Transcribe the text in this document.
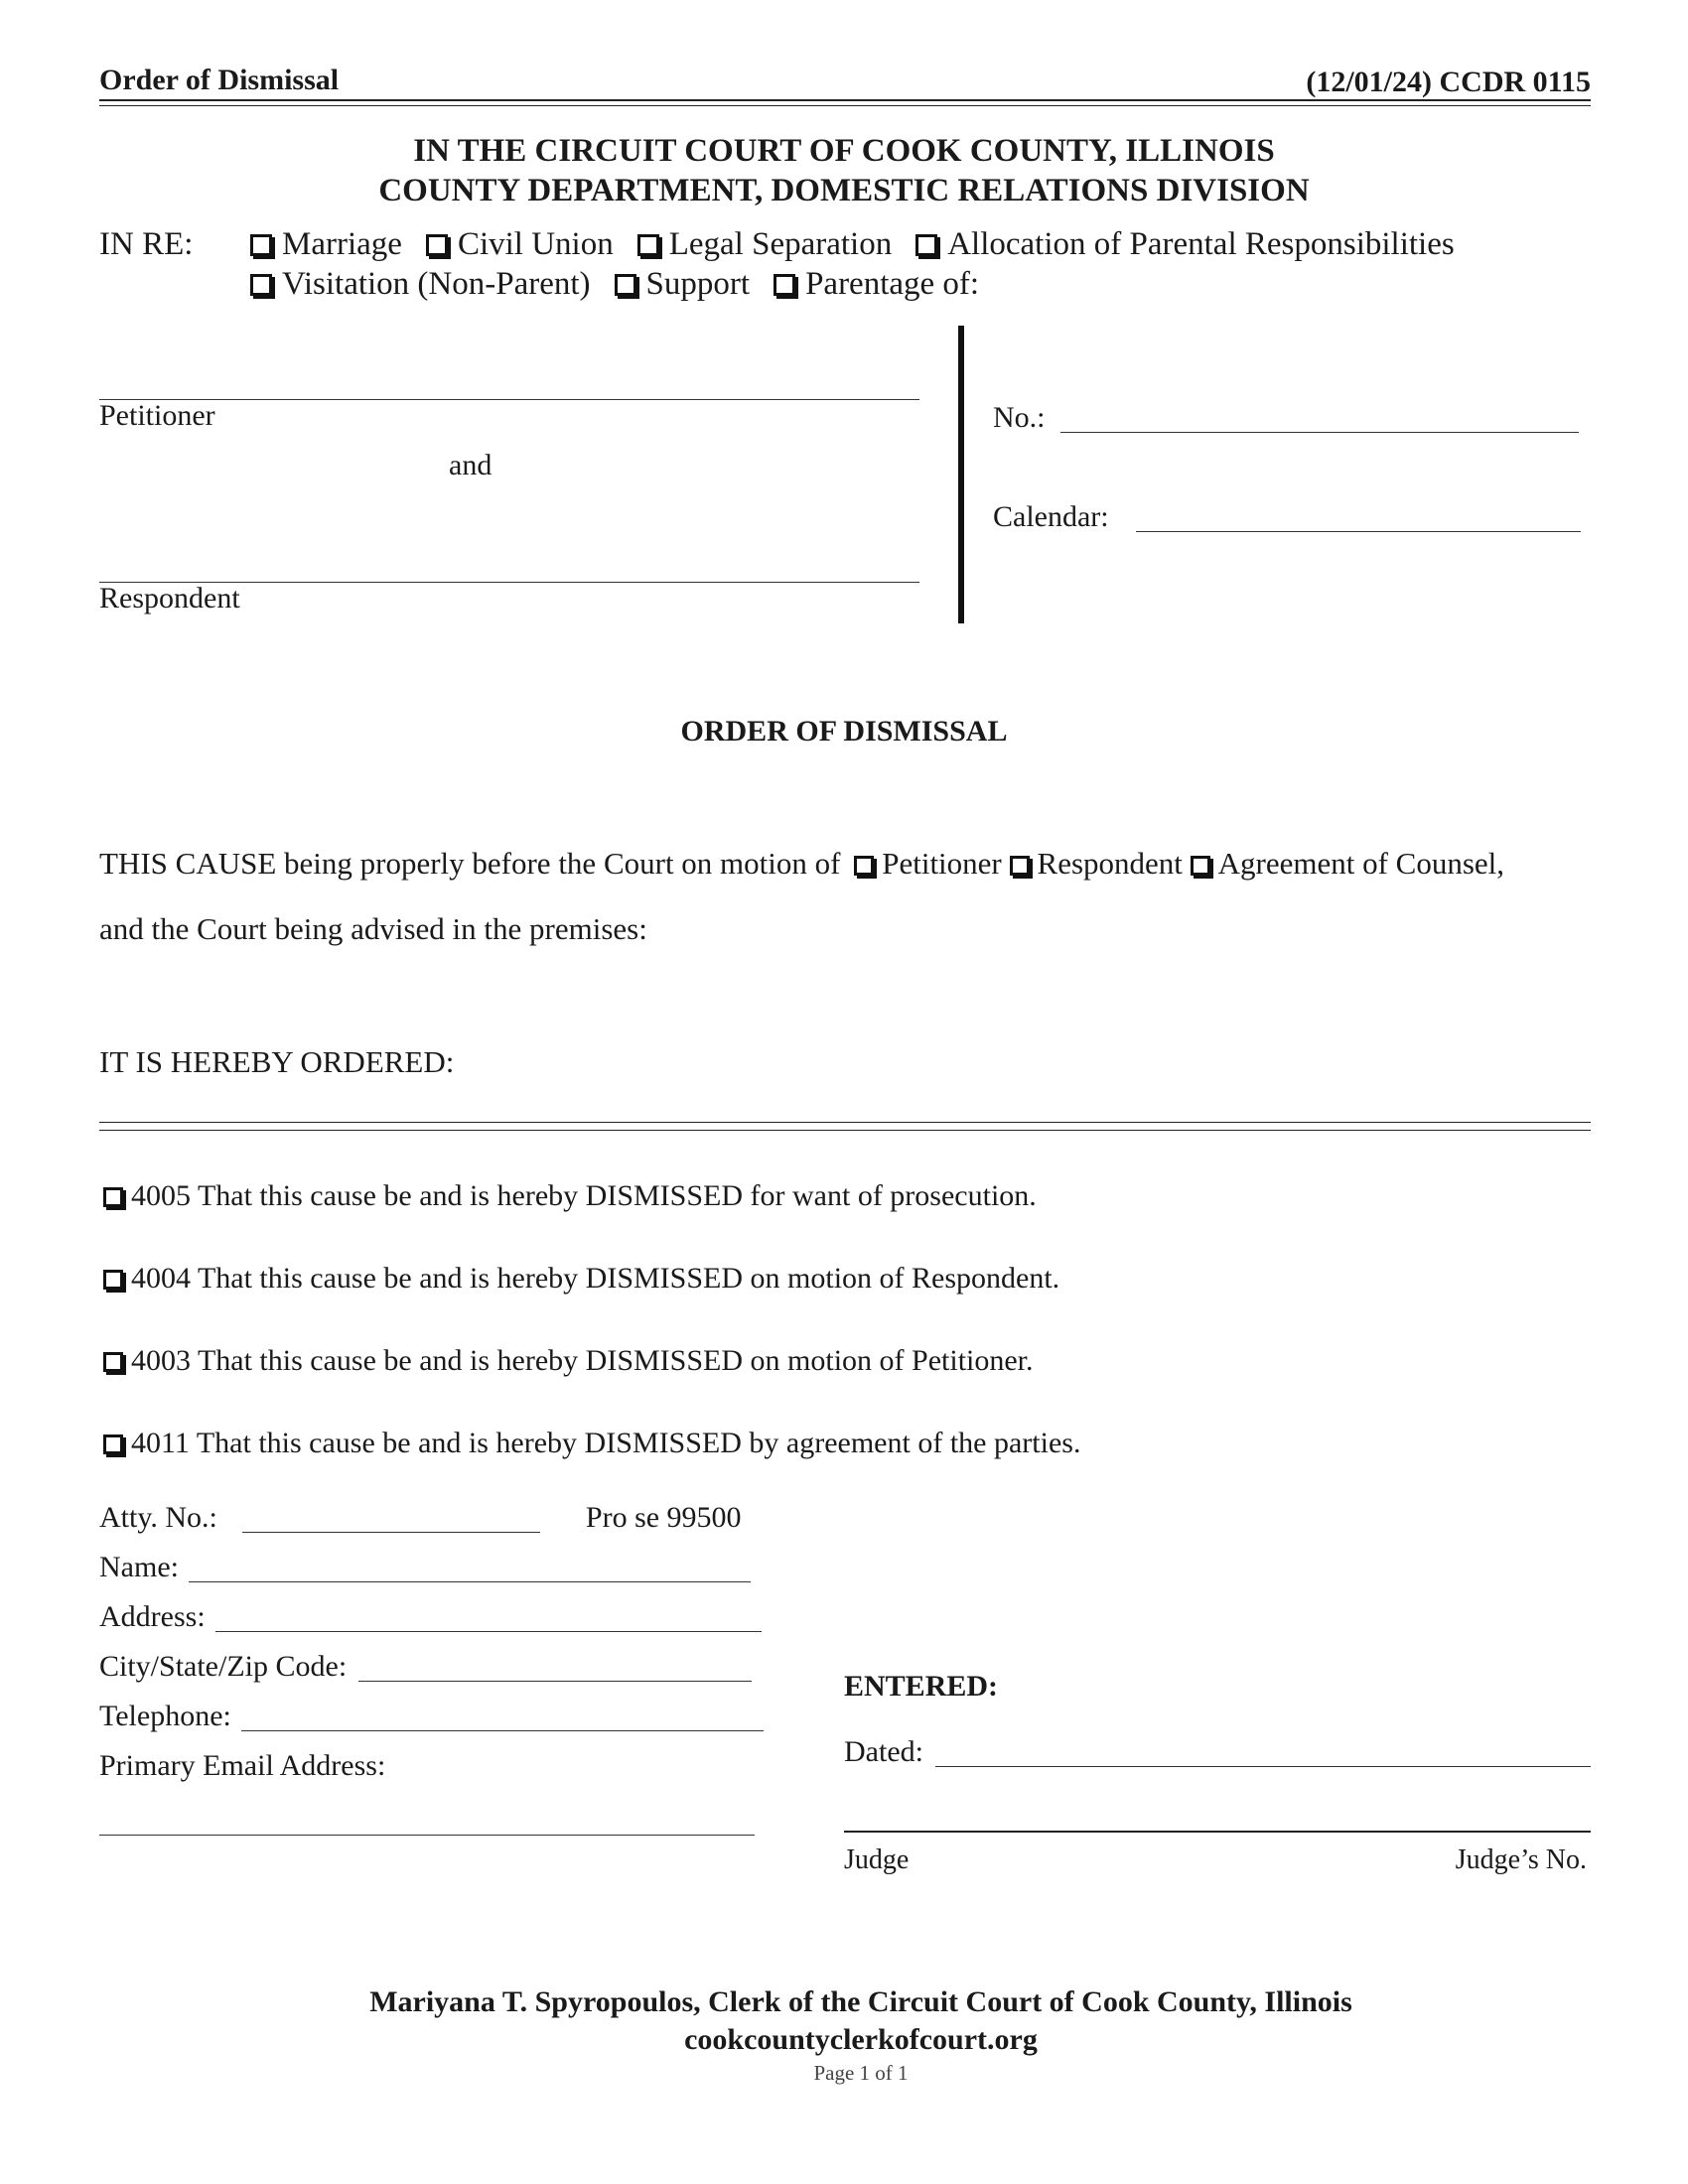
Order of Dismissal	(12/01/24) CCDR 0115
IN THE CIRCUIT COURT OF COOK COUNTY, ILLINOIS
COUNTY DEPARTMENT, DOMESTIC RELATIONS DIVISION
IN RE:	Marriage Civil Union Legal Separation Allocation of Parental Responsibilities
Visitation (Non-Parent) Support Parentage of:
Petitioner
and
Respondent
No.:
Calendar:
ORDER OF DISMISSAL
THIS CAUSE being properly before the Court on motion of Petitioner Respondent Agreement of Counsel,
and the Court being advised in the premises:
IT IS HEREBY ORDERED:
4005 That this cause be and is hereby DISMISSED for want of prosecution.
4004 That this cause be and is hereby DISMISSED on motion of Respondent.
4003 That this cause be and is hereby DISMISSED on motion of Petitioner.
4011 That this cause be and is hereby DISMISSED by agreement of the parties.
Atty. No.:	Pro se 99500
Name:
Address:
City/State/Zip Code:
Telephone:
Primary Email Address:
ENTERED:
Dated:
Judge	Judge’s No.
Mariyana T. Spyropoulos, Clerk of the Circuit Court of Cook County, Illinois
cookcountyclerkofcourt.org
Page 1 of 1
